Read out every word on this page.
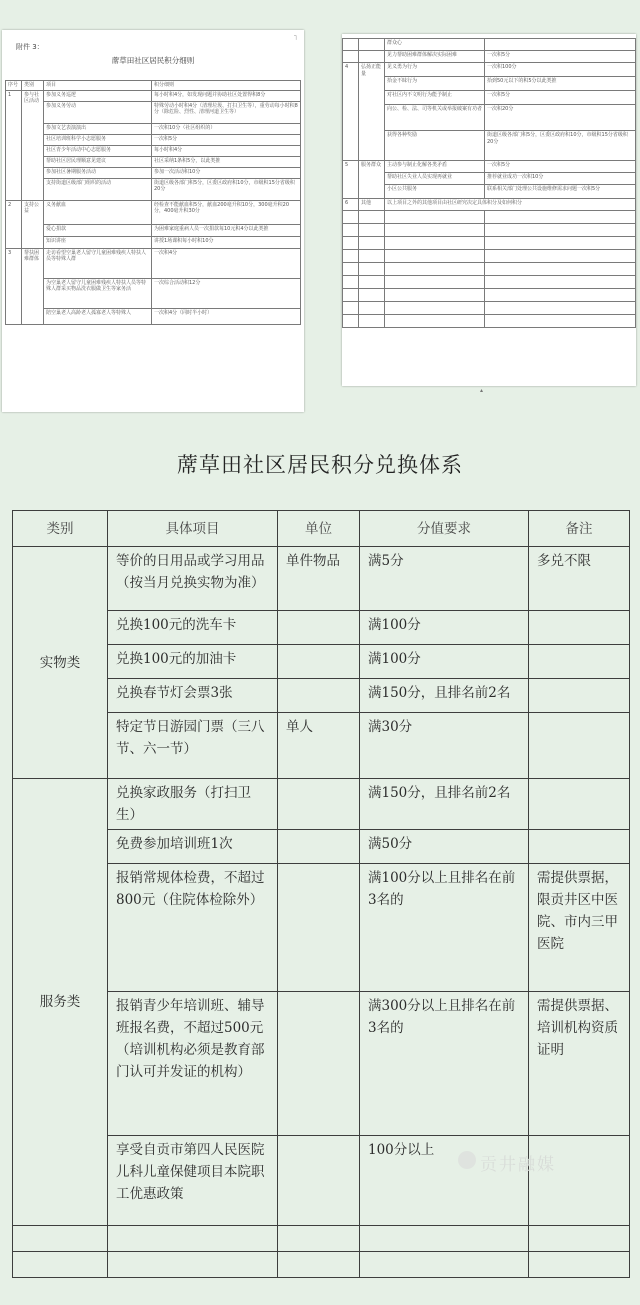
附件 3：
蓆草田社区居民积分细则
序号	类别	项目	积分细则
1	参与社区活动	参加义务巡逻	每小时积4分，如发现问题并协助社区处置得积8分
		参加义务劳动	特殊劳动小时积4分（清理垃圾、打扫卫生等），重劳动每小时积8分（除危险、烈性、清理河道卫生等）
		参加文艺表演演出	一次积10分（社区组织的）
		社区培训班科学小志愿服务	一次积5分
		社区青少年活动中心志愿服务	每小时积4分
		帮助社区居民理顺意见建议	社区采纳1条积5分，以此类推
		参加社区暑期服务活动	参加一次活动积10分
		支持街道区级部门组织的活动	街道区级各部门积5分，区委区政府积10分，市级积15分省级积20分
2	支持公益	义务献血	经检查不能献血积5分，献血200毫升积10分，300毫升积20分，400毫升积30分
		爱心捐款	为困难家庭重病人员一次捐款每10元积4分以此类推
		知识讲座	讲授1场课积每小时积10分
3	帮扶困难群体	走访看望空巢老人留守儿童困难残疾人特扶人员等特殊人群	一次积4分
		为空巢老人留守儿童困难残疾人特扶人员等特殊人群采买物品洗衣服做卫生等家务活	一次综合活动积12分
		陪空巢老人高龄老人孤寡老人等特殊人	一次积4分（同时半小时）
┐
		群众心	
		见力帮助困难群体解决实际困难	一次积5分
4	弘扬正能量	见义勇为行为	一次积100分
		拾金不昧行为	拾到50元以下的积5分以此类推
		对社区内不文明行为能予制止	一次积5分
		向公、检、法、司等机关或举报破案有功者	一次积20分
		获得各种奖励	街道区级各部门积5分，区委区政府积10分，市级积15分省级积20分
5	服务群众	主动参与制止化解各类矛盾	一次积5分
		帮助社区失业人员实现再就业	推荐就业成功一次积10分
		小区公共服务	联系相关部门处理公共设施维修需求问题一次积5分
6	其他	以上项目之外的其他项目由社区研究决定具体积分及如何积分	

▴
蓆草田社区居民积分兑换体系
类别	具体项目	单位	分值要求	备注
实物类	等价的日用品或学习用品（按当月兑换实物为准）	单件物品	满5分	多兑不限
	兑换100元的洗车卡		满100分	
	兑换100元的加油卡		满100分	
	兑换春节灯会票3张		满150分，且排名前2名	
	特定节日游园门票（三八节、六一节）	单人	满30分	
服务类	兑换家政服务（打扫卫生）		满150分，且排名前2名	
	免费参加培训班1次		满50分	
	报销常规体检费，不超过800元（住院体检除外）		满100分以上且排名在前3名的	需提供票据，限贡井区中医院、市内三甲医院
	报销青少年培训班、辅导班报名费，不超过500元（培训机构必须是教育部门认可并发证的机构）		满300分以上且排名在前3名的	需提供票据、培训机构资质证明
	享受自贡市第四人民医院儿科儿童保健项目本院职工优惠政策		100分以上	

贡井融媒
